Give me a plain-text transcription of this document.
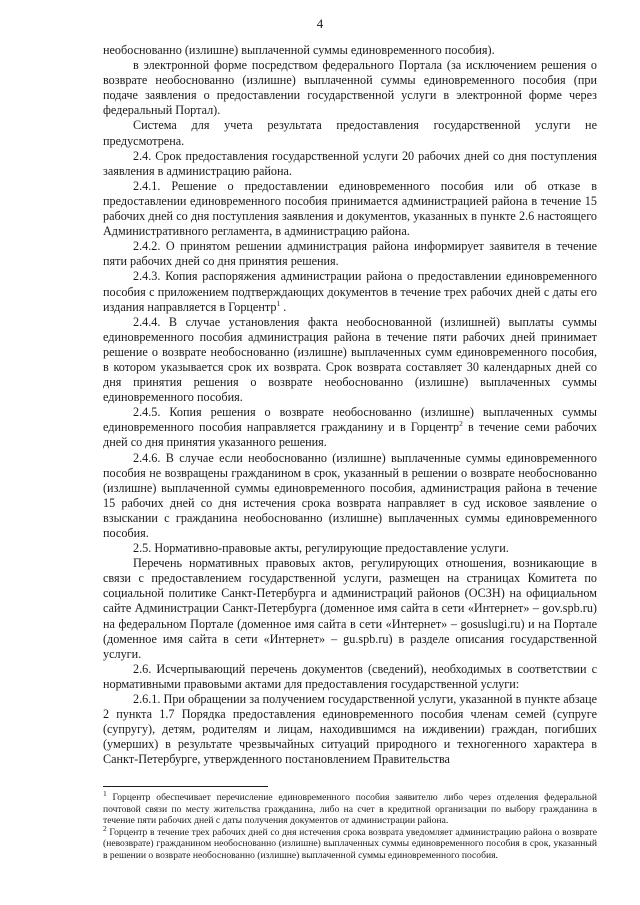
4

необоснованно (излишне) выплаченной суммы единовременного пособия).

в электронной форме посредством федерального Портала (за исключением решения о возврате необоснованно (излишне) выплаченной суммы единовременного пособия (при подаче заявления о предоставлении государственной услуги в электронной форме через федеральный Портал).

Система для учета результата предоставления государственной услуги не предусмотрена.

2.4. Срок предоставления государственной услуги 20 рабочих дней со дня поступления заявления в администрацию района.

2.4.1. Решение о предоставлении единовременного пособия или об отказе в предоставлении единовременного пособия принимается администрацией района в течение 15 рабочих дней со дня поступления заявления и документов, указанных в пункте 2.6 настоящего Административного регламента, в администрацию района.

2.4.2. О принятом решении администрация района информирует заявителя в течение пяти рабочих дней со дня принятия решения.

2.4.3. Копия распоряжения администрации района о предоставлении единовременного пособия с приложением подтверждающих документов в течение трех рабочих дней с даты его издания направляется в Горцентр$^1$ .

2.4.4. В случае установления факта необоснованной (излишней) выплаты суммы единовременного пособия администрация района в течение пяти рабочих дней принимает решение о возврате необоснованно (излишне) выплаченных сумм единовременного пособия, в котором указывается срок их возврата. Срок возврата составляет 30 календарных дней со дня принятия решения о возврате необоснованно (излишне) выплаченных суммы единовременного пособия.

2.4.5. Копия решения о возврате необоснованно (излишне) выплаченных суммы единовременного пособия направляется гражданину и в Горцентр$^2$ в течение семи рабочих дней со дня принятия указанного решения.

2.4.6. В случае если необоснованно (излишне) выплаченные суммы единовременного пособия не возвращены гражданином в срок, указанный в решении о возврате необоснованно (излишне) выплаченной суммы единовременного пособия, администрация района в течение 15 рабочих дней со дня истечения срока возврата направляет в суд исковое заявление о взыскании с гражданина необоснованно (излишне) выплаченных суммы единовременного пособия.

2.5. Нормативно-правовые акты, регулирующие предоставление услуги.

Перечень нормативных правовых актов, регулирующих отношения, возникающие в связи с предоставлением государственной услуги, размещен на страницах Комитета по социальной политике Санкт-Петербурга и администраций районов (ОСЗН) на официальном сайте Администрации Санкт-Петербурга (доменное имя сайта в сети «Интернет» – gov.spb.ru) на федеральном Портале (доменное имя сайта в сети «Интернет» – gosuslugi.ru) и на Портале (доменное имя сайта в сети «Интернет» – gu.spb.ru) в разделе описания государственной услуги.

2.6. Исчерпывающий перечень документов (сведений), необходимых в соответствии с нормативными правовыми актами для предоставления государственной услуги:

2.6.1. При обращении за получением государственной услуги, указанной в пункте абзаце 2 пункта 1.7 Порядка предоставления единовременного пособия членам семей (супруге (супругу), детям, родителям и лицам, находившимся на иждивении) граждан, погибших (умерших) в результате чрезвычайных ситуаций природного и техногенного характера в Санкт-Петербурге, утвержденного постановлением Правительства

$^1$ Горцентр обеспечивает перечисление единовременного пособия заявителю либо через отделения федеральной почтовой связи по месту жительства гражданина, либо на счет в кредитной организации по выбору гражданина в течение пяти рабочих дней с даты получения документов от администрации района.

$^2$ Горцентр в течение трех рабочих дней со дня истечения срока возврата уведомляет администрацию района о возврате (невозврате) гражданином необоснованно (излишне) выплаченных суммы единовременного пособия в срок, указанный в решении о возврате необоснованно (излишне) выплаченной суммы единовременного пособия.
